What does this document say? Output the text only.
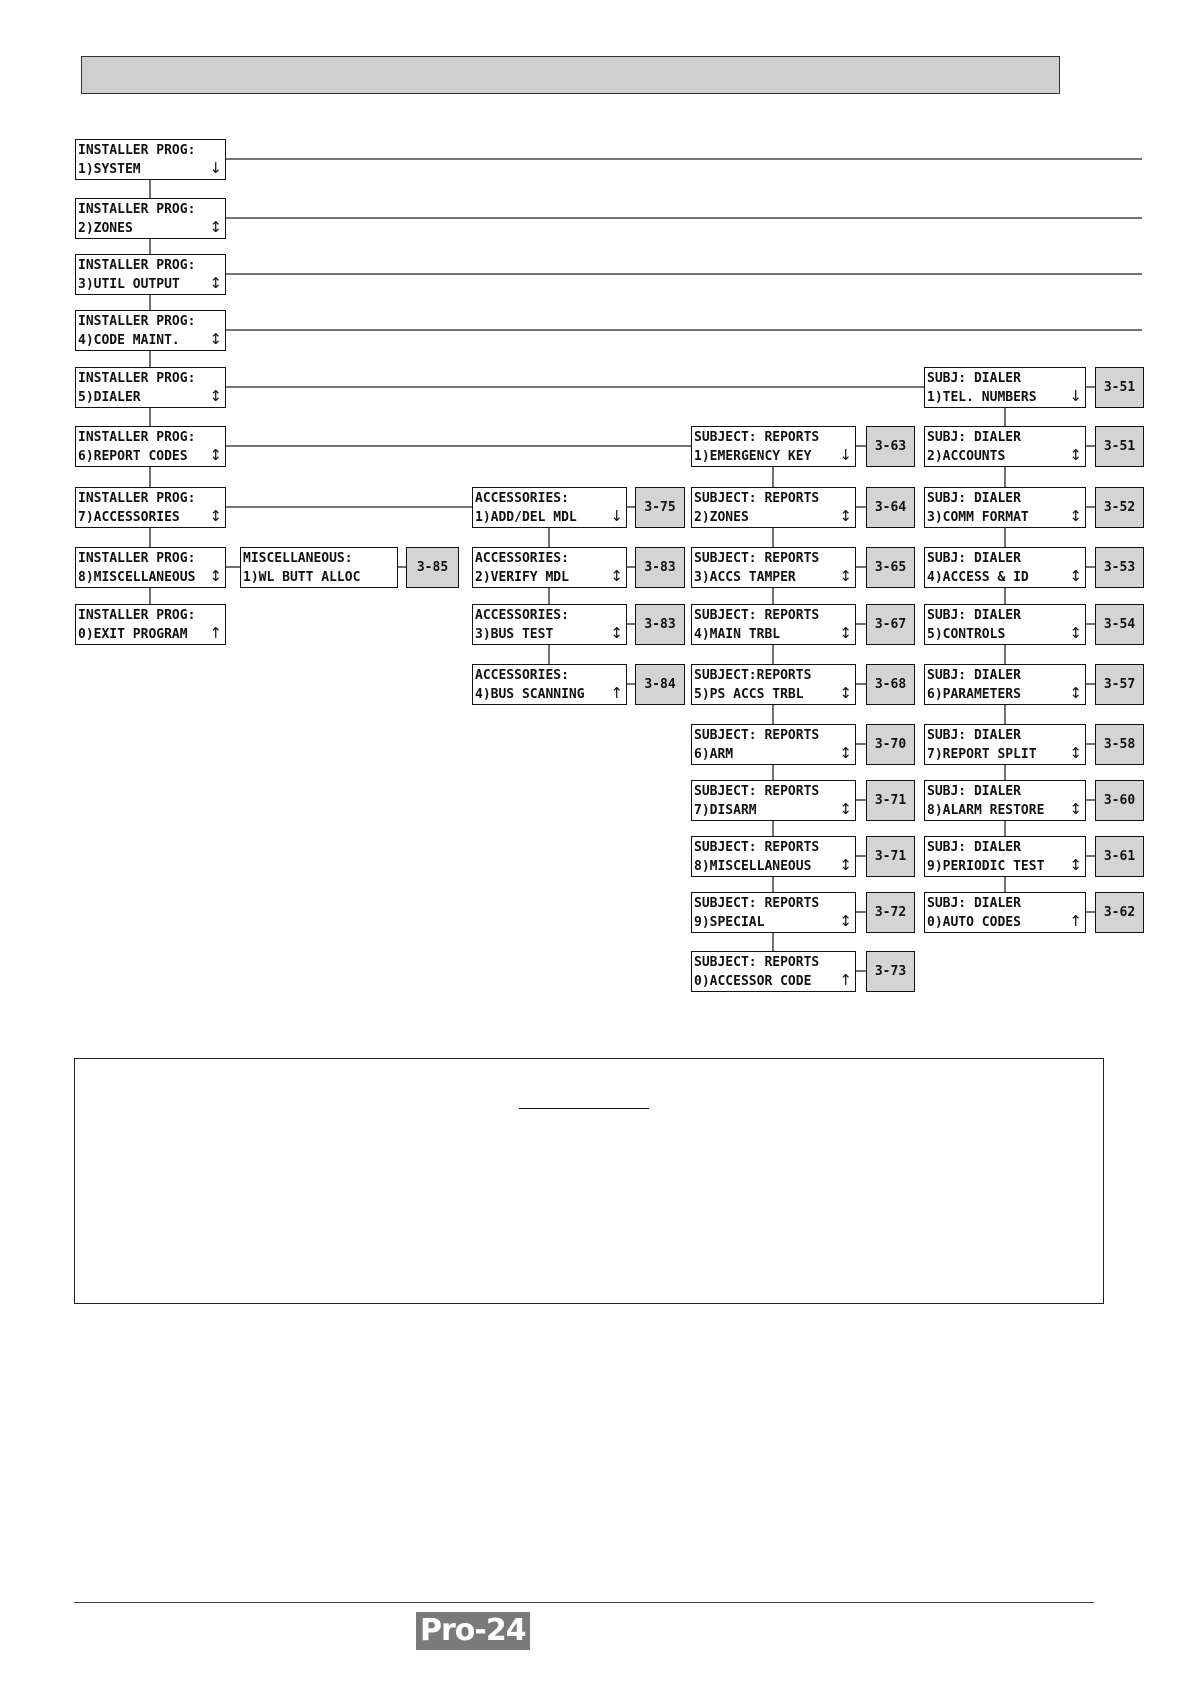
INSTALLER PROG:
1)SYSTEM	↓
INSTALLER PROG:
2)ZONES	↕
INSTALLER PROG:
3)UTIL OUTPUT	↕
INSTALLER PROG:
4)CODE MAINT.	↕
INSTALLER PROG:
5)DIALER	↕
INSTALLER PROG:
6)REPORT CODES	↕
INSTALLER PROG:
7)ACCESSORIES	↕
INSTALLER PROG:
8)MISCELLANEOUS ↕
INSTALLER PROG:
0)EXIT PROGRAM	↑
MISCELLANEOUS:
1)WL BUTT ALLOC
3-85
ACCESSORIES:
1)ADD/DEL MDL	↓	3-75
ACCESSORIES:
2)VERIFY MDL	↕	3-83
ACCESSORIES:
3)BUS TEST	↕	3-83
ACCESSORIES:
4)BUS SCANNING	↑	3-84
SUBJECT: REPORTS
1)EMERGENCY KEY	↓	3-63
SUBJECT: REPORTS
2)ZONES	↕	3-64
SUBJECT: REPORTS
3)ACCS TAMPER	↕	3-65
SUBJECT: REPORTS
4)MAIN TRBL	↕	3-67
SUBJECT:REPORTS
5)PS ACCS TRBL	↕	3-68
SUBJECT: REPORTS
6)ARM	↕	3-70
SUBJECT: REPORTS
7)DISARM	↕	3-71
SUBJECT: REPORTS
8)MISCELLANEOUS	↕	3-71
SUBJECT: REPORTS
9)SPECIAL	↕	3-72
SUBJECT: REPORTS
0)ACCESSOR CODE	↑	3-73
SUBJ: DIALER
1)TEL. NUMBERS	↓	3-51
SUBJ: DIALER
2)ACCOUNTS	↕	3-51
SUBJ: DIALER
3)COMM FORMAT	↕	3-52
SUBJ: DIALER
4)ACCESS & ID	↕	3-53
SUBJ: DIALER
5)CONTROLS	↕	3-54
SUBJ: DIALER
6)PARAMETERS	↕	3-57
SUBJ: DIALER
7)REPORT SPLIT	↕	3-58
SUBJ: DIALER
8)ALARM RESTORE	↕	3-60
SUBJ: DIALER
9)PERIODIC TEST	↕	3-61
SUBJ: DIALER
0)AUTO CODES	↑	3-62
Pro-24
